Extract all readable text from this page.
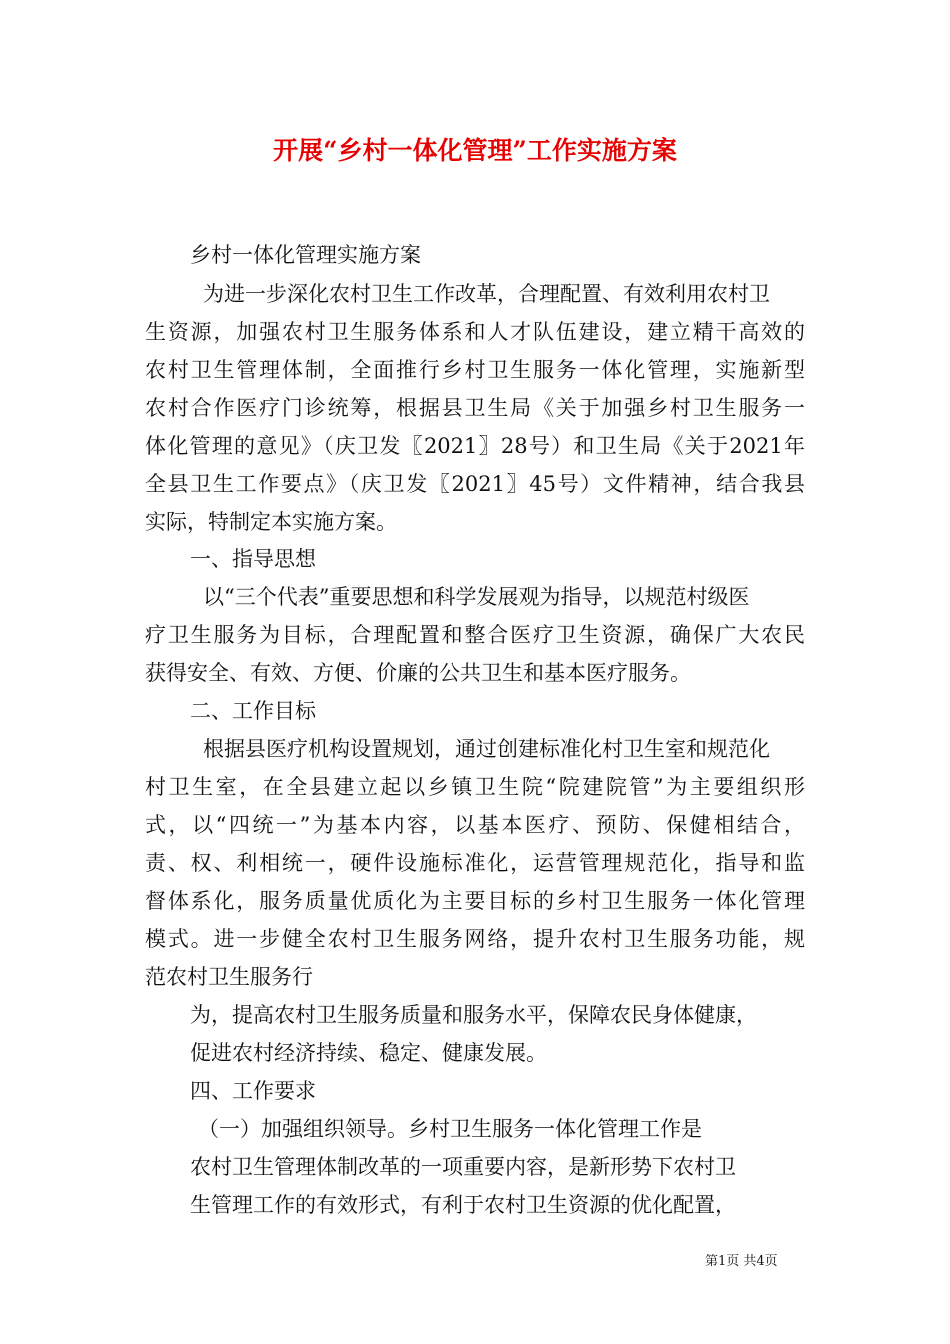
开展“乡村一体化管理”工作实施方案
乡村一体化管理实施方案
为进一步深化农村卫生工作改革，合理配置、有效利用农村卫
生资源，加强农村卫生服务体系和人才队伍建设，建立精干高效的
农村卫生管理体制，全面推行乡村卫生服务一体化管理，实施新型
农村合作医疗门诊统筹，根据县卫生局《关于加强乡村卫生服务一
体化管理的意见》（庆卫发〖2021〗28号）和卫生局《关于2021年
全县卫生工作要点》（庆卫发〖2021〗45号）文件精神，结合我县
实际，特制定本实施方案。
一、指导思想
以“三个代表”重要思想和科学发展观为指导，以规范村级医
疗卫生服务为目标，合理配置和整合医疗卫生资源，确保广大农民
获得安全、有效、方便、价廉的公共卫生和基本医疗服务。
二、工作目标
根据县医疗机构设置规划，通过创建标准化村卫生室和规范化
村卫生室，在全县建立起以乡镇卫生院“院建院管”为主要组织形
式，以“四统一”为基本内容，以基本医疗、预防、保健相结合，
责、权、利相统一，硬件设施标准化，运营管理规范化，指导和监
督体系化，服务质量优质化为主要目标的乡村卫生服务一体化管理
模式。进一步健全农村卫生服务网络，提升农村卫生服务功能，规
范农村卫生服务行
为，提高农村卫生服务质量和服务水平，保障农民身体健康，
促进农村经济持续、稳定、健康发展。
四、工作要求
（一）加强组织领导。乡村卫生服务一体化管理工作是
农村卫生管理体制改革的一项重要内容，是新形势下农村卫
生管理工作的有效形式，有利于农村卫生资源的优化配置，
第1页 共4页
